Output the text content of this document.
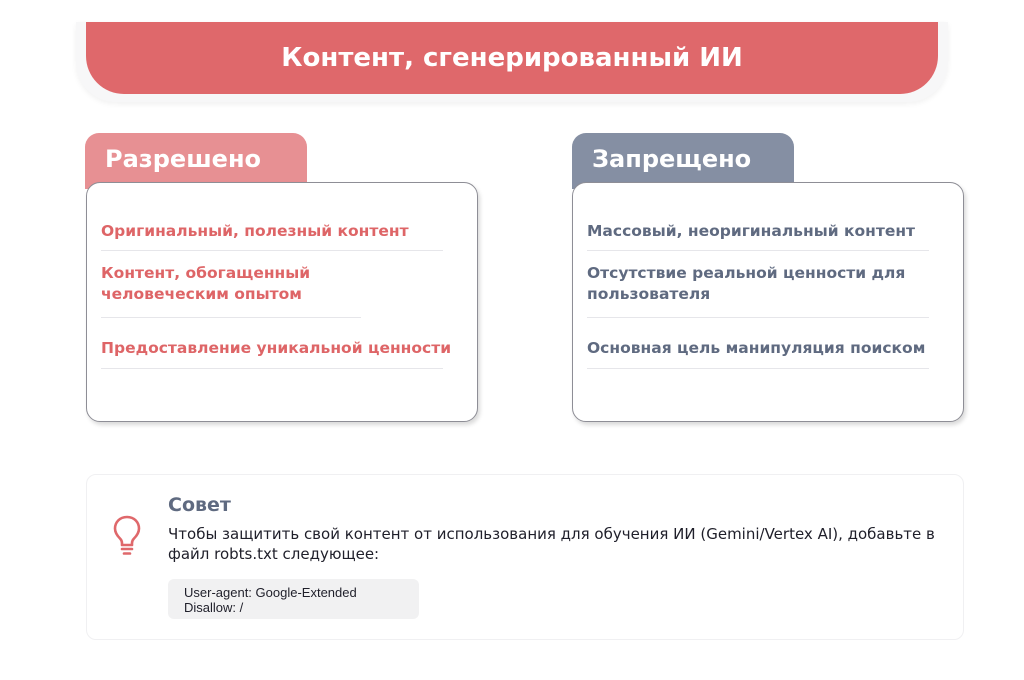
Контент, сгенерированный ИИ
Разрешено
Оригинальный, полезный контент
Контент, обогащенный человеческим опытом
Предоставление уникальной ценности
Запрещено
Массовый, неоригинальный контент
Отсутствие реальной ценности для пользователя
Основная цель манипуляция поиском
Совет
Чтобы защитить свой контент от использования для обучения ИИ (Gemini/Vertex AI), добавьте в файл robts.txt следующее:
User-agent: Google-Extended
Disallow: /
